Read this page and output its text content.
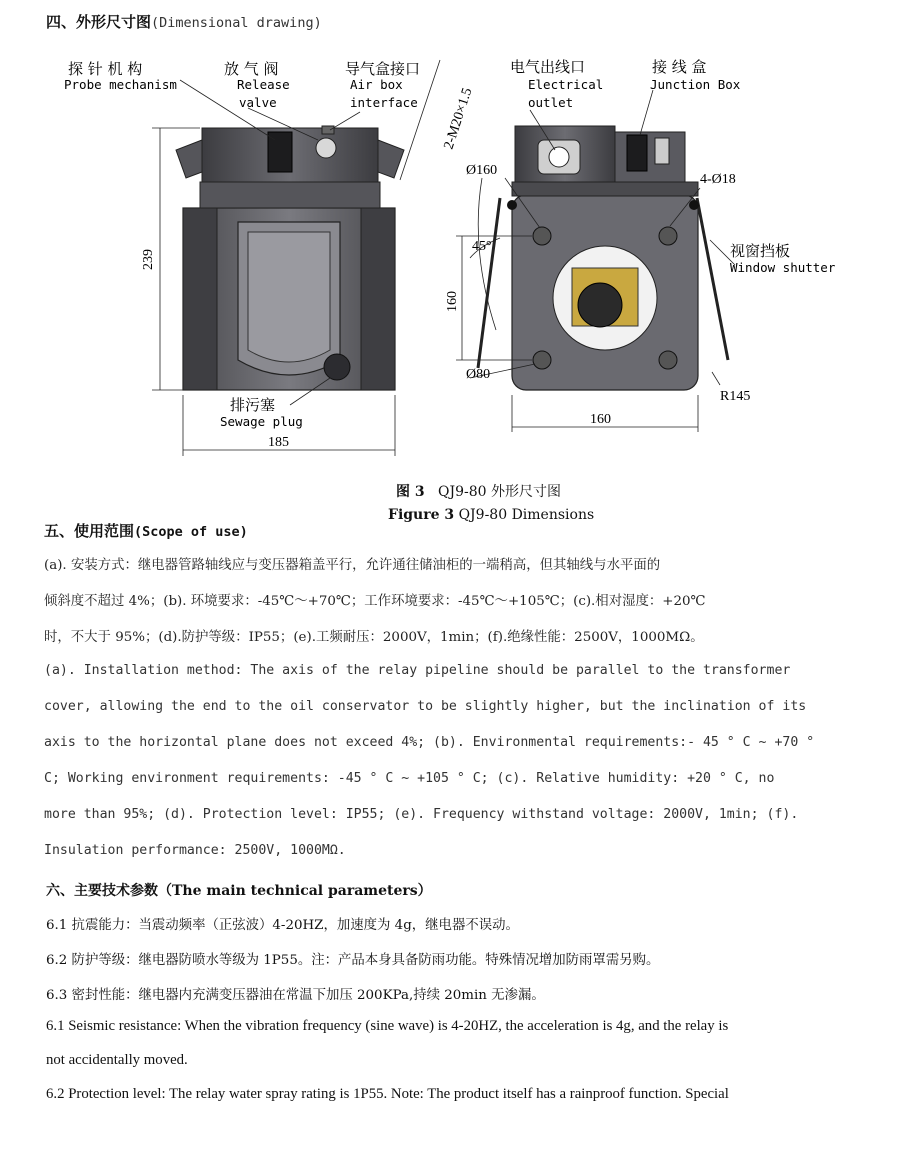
四、外形尺寸图(Dimensional drawing)
探 针 机 构
Probe mechanism
放 气 阀
Release
valve
导气盒接口
Air box
interface 2-M20×1.5
电气出线口
Electrical
outlet
接 线 盒
Junction Box
Ø160
4-Ø18
45°	视窗挡板
Window shutter
239
160
Ø80
R145
排污塞
Sewage plug
185
160
图 3 QJ9-80 外形尺寸图
Figure 3 QJ9-80 Dimensions
五、使用范围(Scope of use)
(a). 安装方式：继电器管路轴线应与变压器箱盖平行，允许通往储油柜的一端稍高，但其轴线与水平面的
倾斜度不超过 4%；(b). 环境要求：-45℃～+70℃；工作环境要求：-45℃～+105℃；(c).相对湿度：+20℃
时，不大于 95%；(d).防护等级：IP55；(e).工频耐压：2000V，1min；(f).绝缘性能：2500V，1000MΩ。
(a). Installation method: The axis of the relay pipeline should be parallel to the transformer
cover, allowing the end to the oil conservator to be slightly higher, but the inclination of its
axis to the horizontal plane does not exceed 4%; (b). Environmental requirements:- 45 ° C ~ +70 °
C; Working environment requirements: -45 ° C ~ +105 ° C; (c). Relative humidity: +20 ° C, no
more than 95%; (d). Protection level: IP55; (e). Frequency withstand voltage: 2000V, 1min; (f).
Insulation performance: 2500V, 1000MΩ.
六、主要技术参数（The main technical parameters）
6.1 抗震能力：当震动频率（正弦波）4-20HZ，加速度为 4g，继电器不误动。
6.2 防护等级：继电器防喷水等级为 1P55。注：产品本身具备防雨功能。特殊情况增加防雨罩需另购。
6.3 密封性能：继电器内充满变压器油在常温下加压 200KPa,持续 20min 无渗漏。
6.1 Seismic resistance: When the vibration frequency (sine wave) is 4-20HZ, the acceleration is 4g, and the relay is
not accidentally moved.
6.2 Protection level: The relay water spray rating is 1P55. Note: The product itself has a rainproof function. Special
